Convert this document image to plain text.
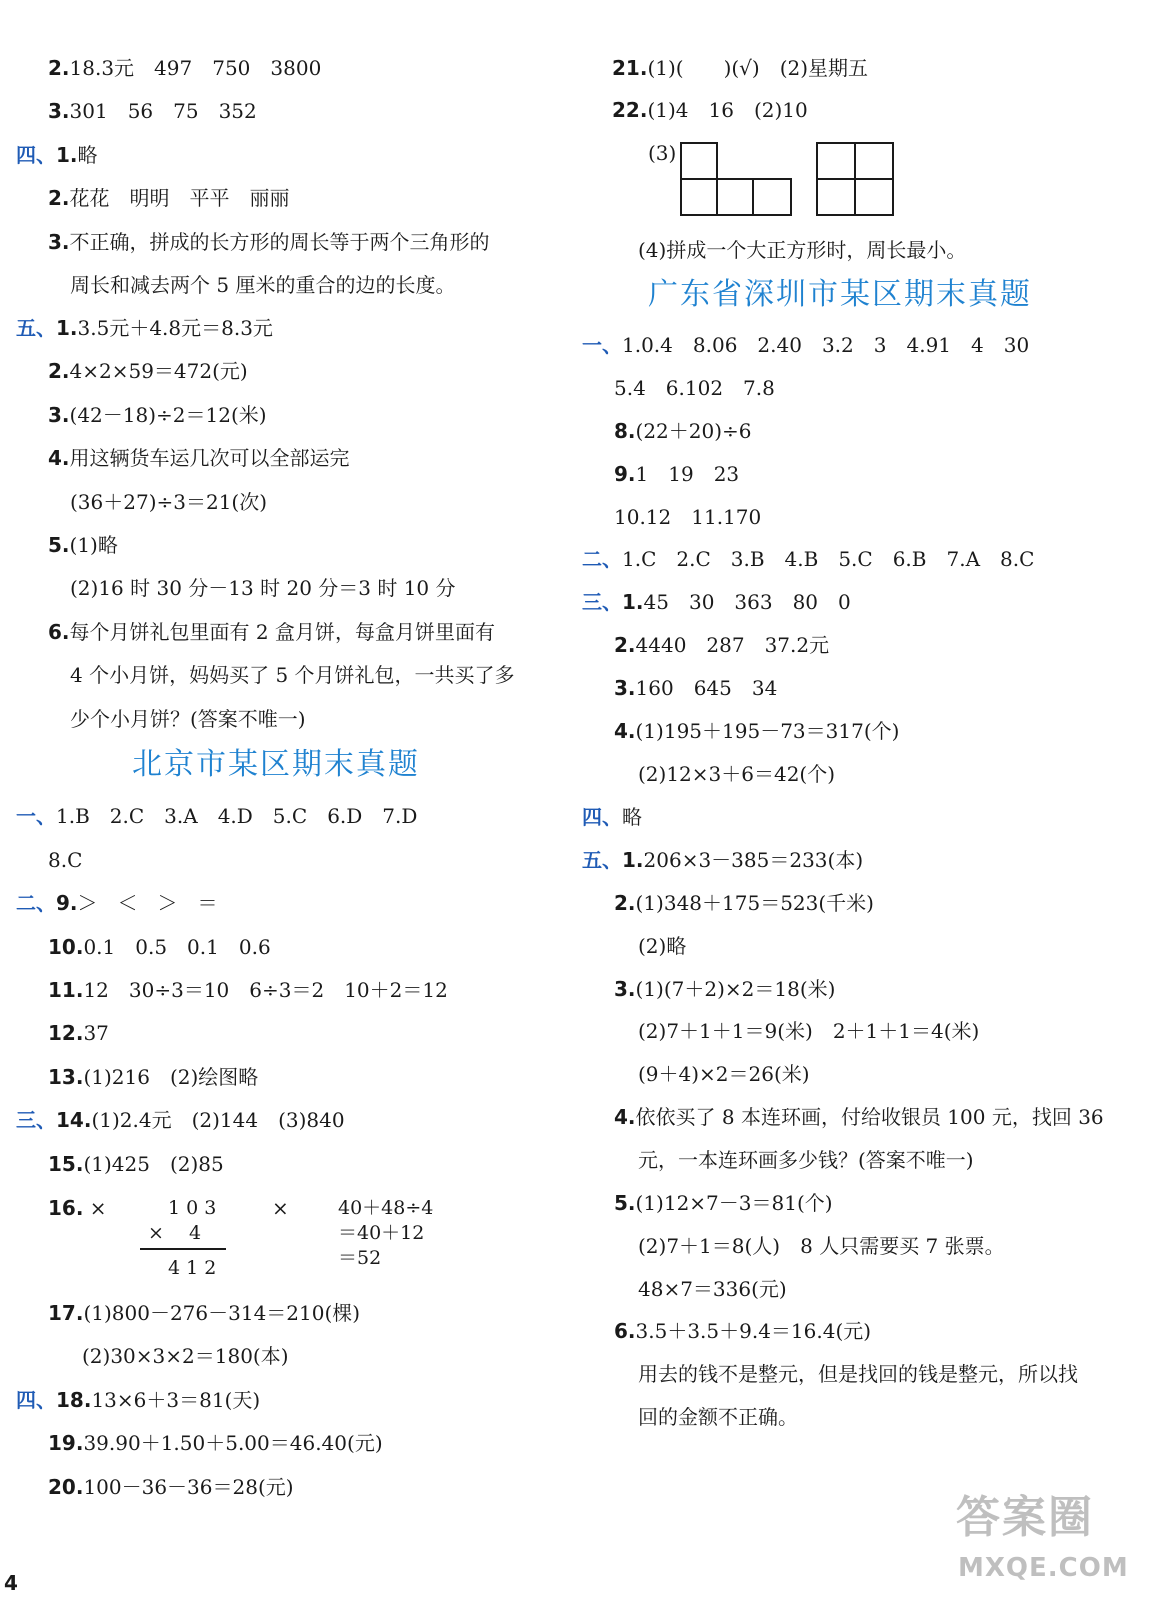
2.18.3元　497　750　3800
3.301　56　75　352
四、1.略
2.花花　明明　平平　丽丽
3.不正确，拼成的长方形的周长等于两个三角形的
周长和减去两个 5 厘米的重合的边的长度。
五、1.3.5元＋4.8元＝8.3元
2.4×2×59＝472(元)
3.(42－18)÷2＝12(米)
4.用这辆货车运几次可以全部运完
(36＋27)÷3＝21(次)
5.(1)略
(2)16 时 30 分－13 时 20 分＝3 时 10 分
6.每个月饼礼包里面有 2 盒月饼，每盒月饼里面有
4 个小月饼，妈妈买了 5 个月饼礼包，一共买了多
少个小月饼？(答案不唯一)
北京市某区期末真题
一、1.B　2.C　3.A　4.D　5.C　6.D　7.D
8.C
二、9.＞　＜　＞　＝
10.0.1　0.5　0.1　0.6
11.12　30÷3＝10　6÷3＝2　10＋2＝12
12.37
13.(1)216　(2)绘图略
三、14.(1)2.4元　(2)144　(3)840
15.(1)425　(2)85
16. ×	1 0 3
×　 4
4 1 2
×	40＋48÷4
＝40＋12
＝52
17.(1)800－276－314＝210(棵)
(2)30×3×2＝180(本)
四、18.13×6＋3＝81(天)
19.39.90＋1.50＋5.00＝46.40(元)
20.100－36－36＝28(元)
21.(1)(　　)(√)　(2)星期五
22.(1)4　16　(2)10
(3)
(4)拼成一个大正方形时，周长最小。
广东省深圳市某区期末真题
一、1.0.4　8.06　2.40　3.2　3　4.91　4　30
5.4　6.102　7.8
8.(22＋20)÷6
9.1　19　23
10.12　11.170
二、1.C　2.C　3.B　4.B　5.C　6.B　7.A　8.C
三、1.45　30　363　80　0
2.4440　287　37.2元
3.160　645　34
4.(1)195＋195－73＝317(个)
(2)12×3＋6＝42(个)
四、略
五、1.206×3－385＝233(本)
2.(1)348＋175＝523(千米)
(2)略
3.(1)(7＋2)×2＝18(米)
(2)7＋1＋1＝9(米)　2＋1＋1＝4(米)
(9＋4)×2＝26(米)
4.依依买了 8 本连环画，付给收银员 100 元，找回 36
元，一本连环画多少钱？(答案不唯一)
5.(1)12×7－3＝81(个)
(2)7＋1＝8(人)　8 人只需要买 7 张票。
48×7＝336(元)
6.3.5＋3.5＋9.4＝16.4(元)
用去的钱不是整元，但是找回的钱是整元，所以找
回的金额不正确。
4
答案圈
MXQE.COM
